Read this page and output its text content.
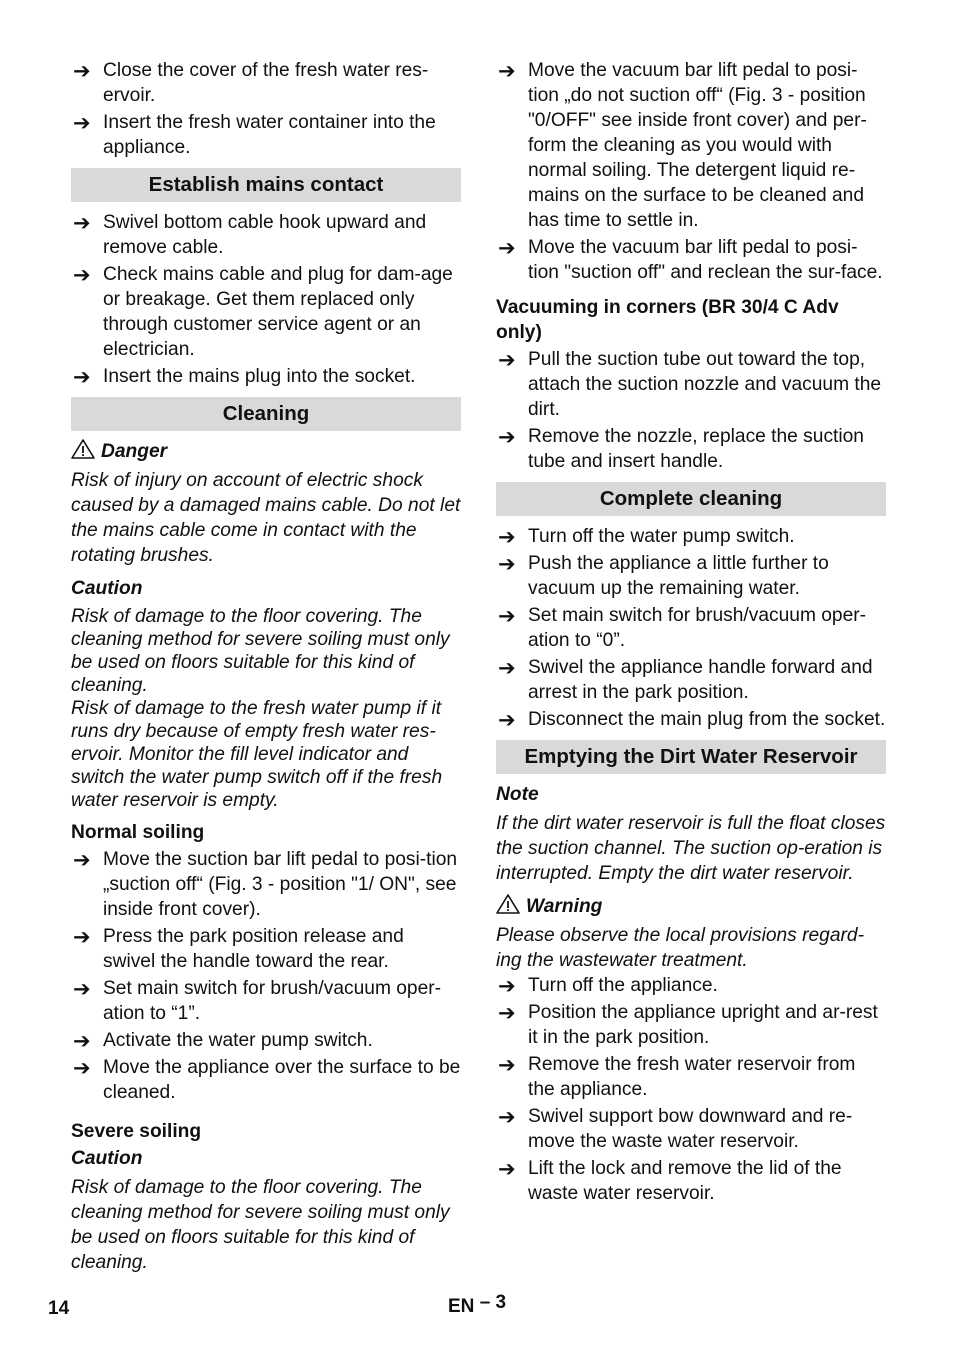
➔ Close the cover of the fresh water res-ervoir.
➔ Insert the fresh water container into the appliance.
Establish mains contact
➔ Swivel bottom cable hook upward and remove cable.
➔ Check mains cable and plug for dam-age or breakage. Get them replaced only through customer service agent or an electrician.
➔ Insert the mains plug into the socket.
Cleaning
Danger

Risk of injury on account of electric shock caused by a damaged mains cable. Do not let the mains cable come in contact with the rotating brushes.

Caution

Risk of damage to the floor covering. The cleaning method for severe soiling must only be used on floors suitable for this kind of cleaning.

Risk of damage to the fresh water pump if it runs dry because of empty fresh water res-ervoir. Monitor the fill level indicator and switch the water pump switch off if the fresh water reservoir is empty.

Normal soiling
➔ Move the suction bar lift pedal to posi-tion „suction off“ (Fig. 3 - position "1/ ON", see inside front cover).
➔ Press the park position release and swivel the handle toward the rear.
➔ Set main switch for brush/vacuum oper-ation to “1”.
➔ Activate the water pump switch.
➔ Move the appliance over the surface to be cleaned.
Severe soiling
Caution

Risk of damage to the floor covering. The cleaning method for severe soiling must only be used on floors suitable for this kind of cleaning.

➔ Move the vacuum bar lift pedal to posi-tion „do not suction off“ (Fig. 3 - position "0/OFF" see inside front cover) and per-form the cleaning as you would with normal soiling. The detergent liquid re-mains on the surface to be cleaned and has time to settle in.
➔ Move the vacuum bar lift pedal to posi-tion "suction off" and reclean the sur-face.
Vacuuming in corners (BR 30/4 C Adv only)
➔ Pull the suction tube out toward the top, attach the suction nozzle and vacuum the dirt.
➔ Remove the nozzle, replace the suction tube and insert handle.
Complete cleaning
➔ Turn off the water pump switch.
➔ Push the appliance a little further to vacuum up the remaining water.
➔ Set main switch for brush/vacuum oper-ation to “0”.
➔ Swivel the appliance handle forward and arrest in the park position.
➔ Disconnect the main plug from the socket.
Emptying the Dirt Water Reservoir
Note

If the dirt water reservoir is full the float closes the suction channel. The suction op-eration is interrupted. Empty the dirt water reservoir.

Warning

Please observe the local provisions regard-ing the wastewater treatment.

➔ Turn off the appliance.
➔ Position the appliance upright and ar-rest it in the park position.
➔ Remove the fresh water reservoir from the appliance.
➔ Swivel support bow downward and re-move the waste water reservoir.
➔ Lift the lock and remove the lid of the waste water reservoir.
14	EN – 3
